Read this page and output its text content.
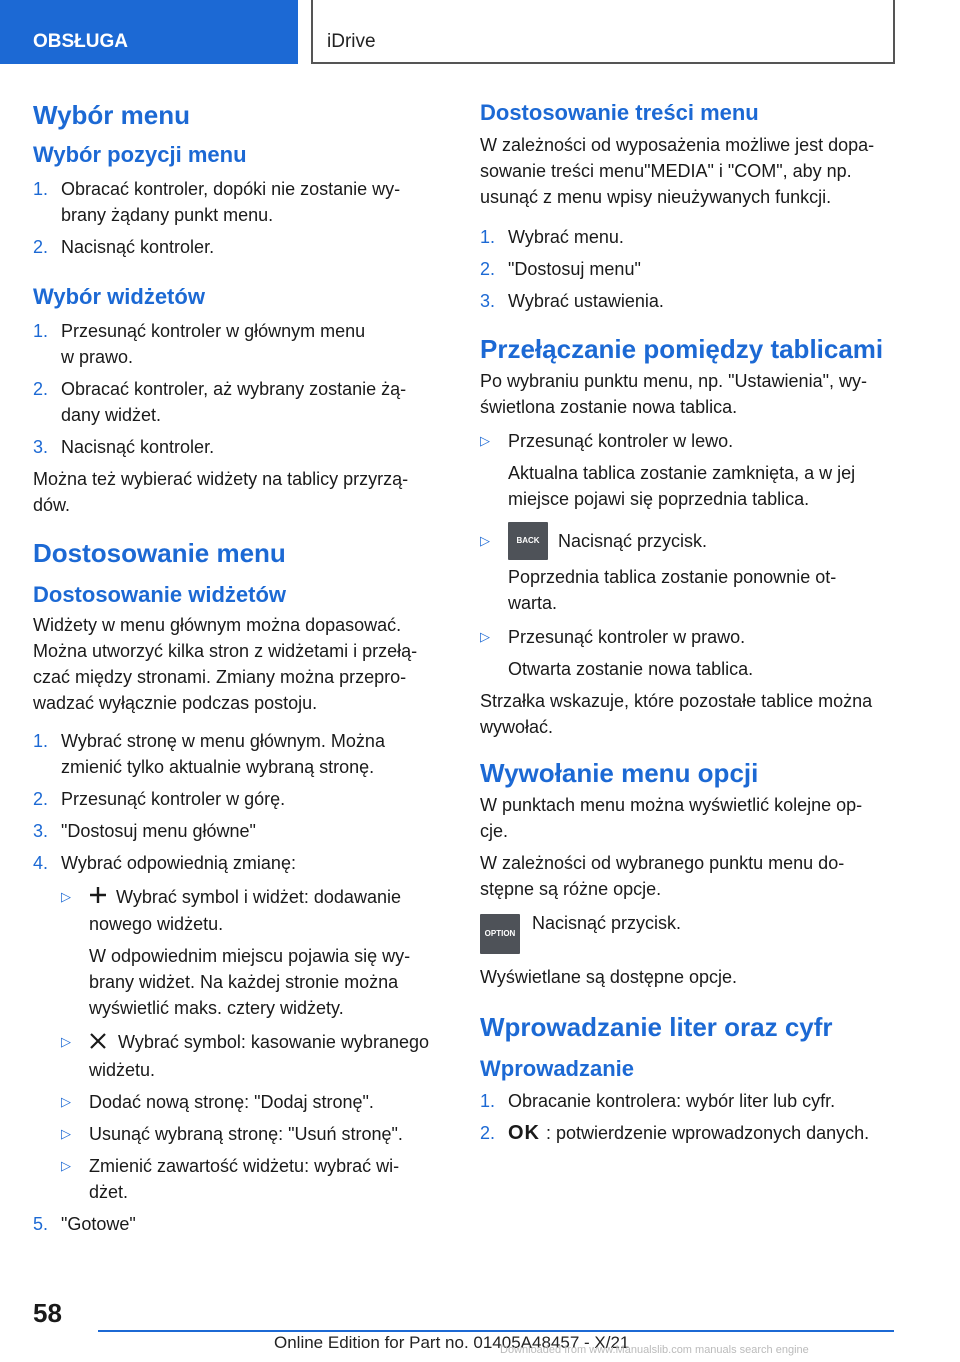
OBSŁUGA	iDrive
Wybór menu
Wybór pozycji menu
1. Obracać kontroler, dopóki nie zostanie wy-
brany żądany punkt menu.
2. Nacisnąć kontroler.
Wybór widżetów
1. Przesunąć kontroler w głównym menu
w prawo.
2. Obracać kontroler, aż wybrany zostanie żą-
dany widżet.
3. Nacisnąć kontroler.

Można też wybierać widżety na tablicy przyrzą-
dów.

Dostosowanie menu
Dostosowanie widżetów

Widżety w menu głównym można dopasować.
Można utworzyć kilka stron z widżetami i przełą-
czać między stronami. Zmiany można przepro-
wadzać wyłącznie podczas postoju.

1. Wybrać stronę w menu głównym. Można
zmienić tylko aktualnie wybraną stronę.
2. Przesunąć kontroler w górę.
3. "Dostosuj menu główne"
4. Wybrać odpowiednią zmianę:
▷	Wybrać symbol i widżet: dodawanie
nowego widżetu.

W odpowiednim miejscu pojawia się wy-
brany widżet. Na każdej stronie można
wyświetlić maks. cztery widżety.

▷	Wybrać symbol: kasowanie wybranego
widżetu.
▷	Dodać nową stronę: "Dodaj stronę".
▷	Usunąć wybraną stronę: "Usuń stronę".
▷	Zmienić zawartość widżetu: wybrać wi-
dżet.
5. "Gotowe"
Dostosowanie treści menu

W zależności od wyposażenia możliwe jest dopa-
sowanie treści menu"MEDIA" i "COM", aby np.
usunąć z menu wpisy nieużywanych funkcji.

1. Wybrać menu.
2. "Dostosuj menu"
3. Wybrać ustawienia.
Przełączanie pomiędzy tablicami

Po wybraniu punktu menu, np. "Ustawienia", wy-
świetlona zostanie nowa tablica.

▷	Przesunąć kontroler w lewo.

Aktualna tablica zostanie zamknięta, a w jej
miejsce pojawi się poprzednia tablica.

▷	BACK	Nacisnąć przycisk.

Poprzednia tablica zostanie ponownie ot-
warta.

▷	Przesunąć kontroler w prawo.

Otwarta zostanie nowa tablica.

Strzałka wskazuje, które pozostałe tablice można
wywołać.

Wywołanie menu opcji

W punktach menu można wyświetlić kolejne op-
cje.

W zależności od wybranego punktu menu do-
stępne są różne opcje.

OPTION

Nacisnąć przycisk.

Wyświetlane są dostępne opcje.

Wprowadzanie liter oraz cyfr
Wprowadzanie
1. Obracanie kontrolera: wybór liter lub cyfr.
2. OK : potwierdzenie wprowadzonych danych.
58
Online Edition for Part no. 01405A48457 - X/21
Downloaded from www.Manualslib.com manuals search engine
